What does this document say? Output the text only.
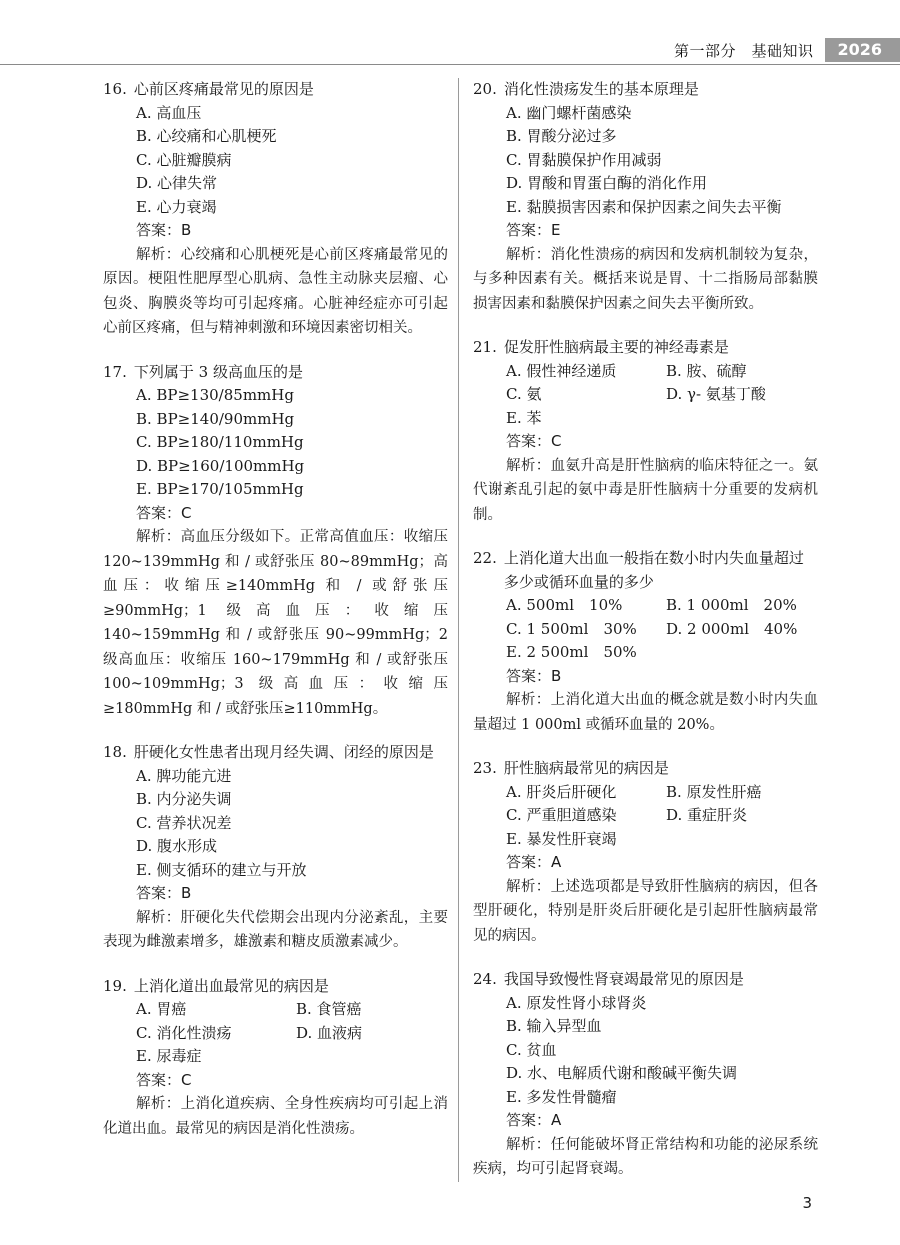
第一部分　基础知识	2026
16. 心前区疼痛最常见的原因是
A. 高血压
B. 心绞痛和心肌梗死
C. 心脏瓣膜病
D. 心律失常
E. 心力衰竭
答案：B
解析：心绞痛和心肌梗死是心前区疼痛最常见的原因。梗阻性肥厚型心肌病、急性主动脉夹层瘤、心包炎、胸膜炎等均可引起疼痛。心脏神经症亦可引起心前区疼痛，但与精神刺激和环境因素密切相关。
17. 下列属于 3 级高血压的是
A. BP≥130/85mmHg
B. BP≥140/90mmHg
C. BP≥180/110mmHg
D. BP≥160/100mmHg
E. BP≥170/105mmHg
答案：C
解析：高血压分级如下。正常高值血压：收缩压 120~139mmHg 和 / 或舒张压 80~89mmHg；高血压：收缩压≥140mmHg 和 / 或舒张压≥90mmHg；1 级高血压：收缩压 140~159mmHg 和 / 或舒张压 90~99mmHg；2 级高血压：收缩压 160~179mmHg 和 / 或舒张压 100~109mmHg；3 级高血压：收缩压≥180mmHg 和 / 或舒张压≥110mmHg。
18. 肝硬化女性患者出现月经失调、闭经的原因是
A. 脾功能亢进
B. 内分泌失调
C. 营养状况差
D. 腹水形成
E. 侧支循环的建立与开放
答案：B
解析：肝硬化失代偿期会出现内分泌紊乱，主要表现为雌激素增多，雄激素和糖皮质激素减少。
19. 上消化道出血最常见的病因是
A. 胃癌	B. 食管癌
C. 消化性溃疡	D. 血液病
E. 尿毒症
答案：C
解析：上消化道疾病、全身性疾病均可引起上消化道出血。最常见的病因是消化性溃疡。
20. 消化性溃疡发生的基本原理是
A. 幽门螺杆菌感染
B. 胃酸分泌过多
C. 胃黏膜保护作用减弱
D. 胃酸和胃蛋白酶的消化作用
E. 黏膜损害因素和保护因素之间失去平衡
答案：E
解析：消化性溃疡的病因和发病机制较为复杂，与多种因素有关。概括来说是胃、十二指肠局部黏膜损害因素和黏膜保护因素之间失去平衡所致。
21. 促发肝性脑病最主要的神经毒素是
A. 假性神经递质	B. 胺、硫醇
C. 氨	D. γ- 氨基丁酸
E. 苯
答案：C
解析：血氨升高是肝性脑病的临床特征之一。氨代谢紊乱引起的氨中毒是肝性脑病十分重要的发病机制。
22. 上消化道大出血一般指在数小时内失血量超过多少或循环血量的多少
A. 500ml　10%	B. 1 000ml　20%
C. 1 500ml　30%	D. 2 000ml　40%
E. 2 500ml　50%
答案：B
解析：上消化道大出血的概念就是数小时内失血量超过 1 000ml 或循环血量的 20%。
23. 肝性脑病最常见的病因是
A. 肝炎后肝硬化	B. 原发性肝癌
C. 严重胆道感染	D. 重症肝炎
E. 暴发性肝衰竭
答案：A
解析：上述选项都是导致肝性脑病的病因，但各型肝硬化，特别是肝炎后肝硬化是引起肝性脑病最常见的病因。
24. 我国导致慢性肾衰竭最常见的原因是
A. 原发性肾小球肾炎
B. 输入异型血
C. 贫血
D. 水、电解质代谢和酸碱平衡失调
E. 多发性骨髓瘤
答案：A
解析：任何能破坏肾正常结构和功能的泌尿系统疾病，均可引起肾衰竭。
3
